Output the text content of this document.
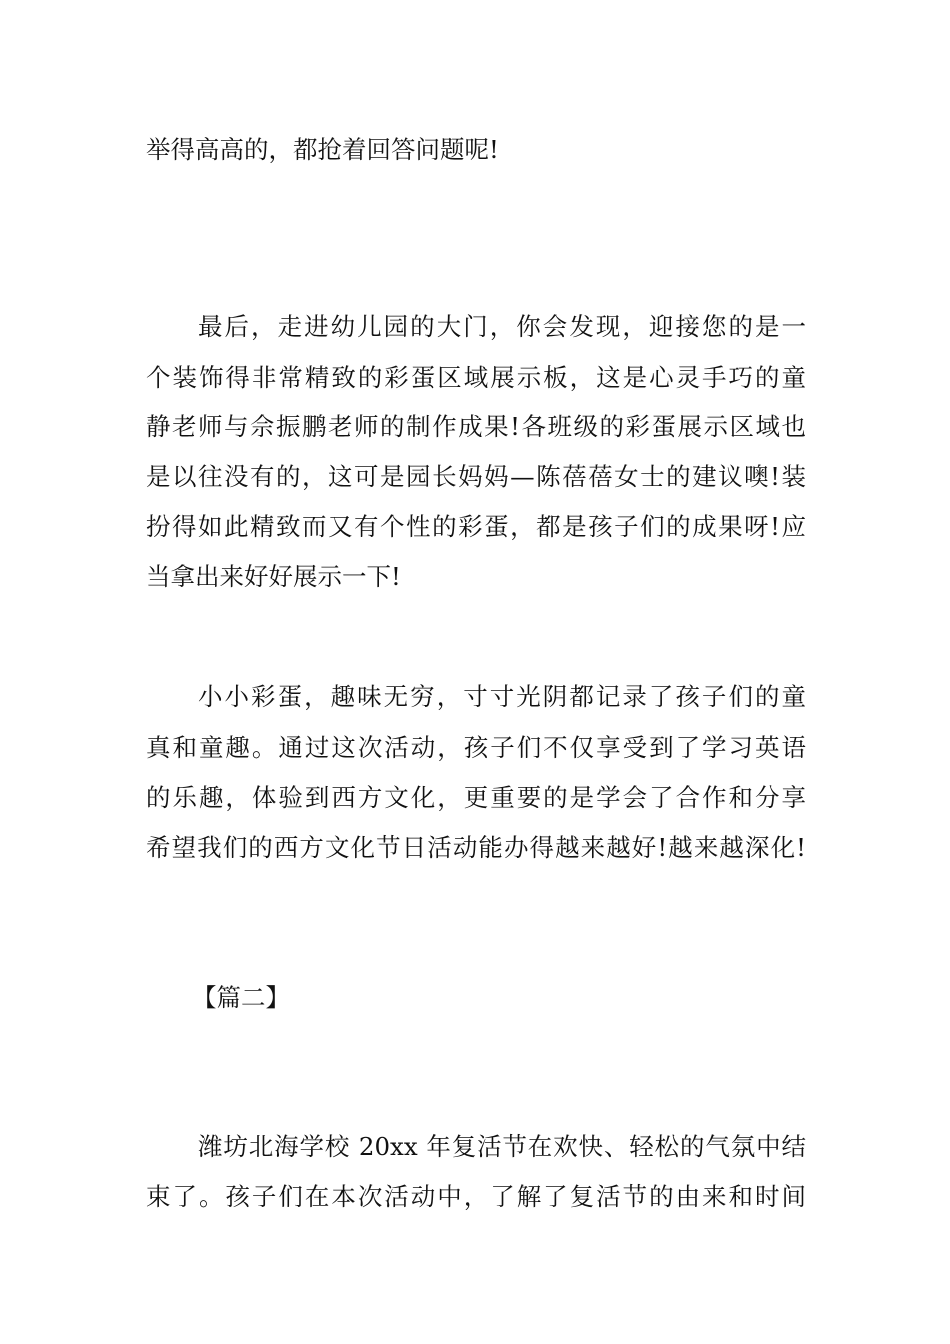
举得高高的，都抢着回答问题呢!
最后，走进幼儿园的大门，你会发现，迎接您的是一
个装饰得非常精致的彩蛋区域展示板，这是心灵手巧的童
静老师与佘振鹏老师的制作成果!各班级的彩蛋展示区域也
是以往没有的，这可是园长妈妈—陈蓓蓓女士的建议噢!装
扮得如此精致而又有个性的彩蛋，都是孩子们的成果呀!应
当拿出来好好展示一下!
小小彩蛋，趣味无穷，寸寸光阴都记录了孩子们的童
真和童趣。通过这次活动，孩子们不仅享受到了学习英语
的乐趣，体验到西方文化，更重要的是学会了合作和分享
希望我们的西方文化节日活动能办得越来越好!越来越深化!
【篇二】
潍坊北海学校 20xx 年复活节在欢快、轻松的气氛中结
束了。孩子们在本次活动中，了解了复活节的由来和时间
